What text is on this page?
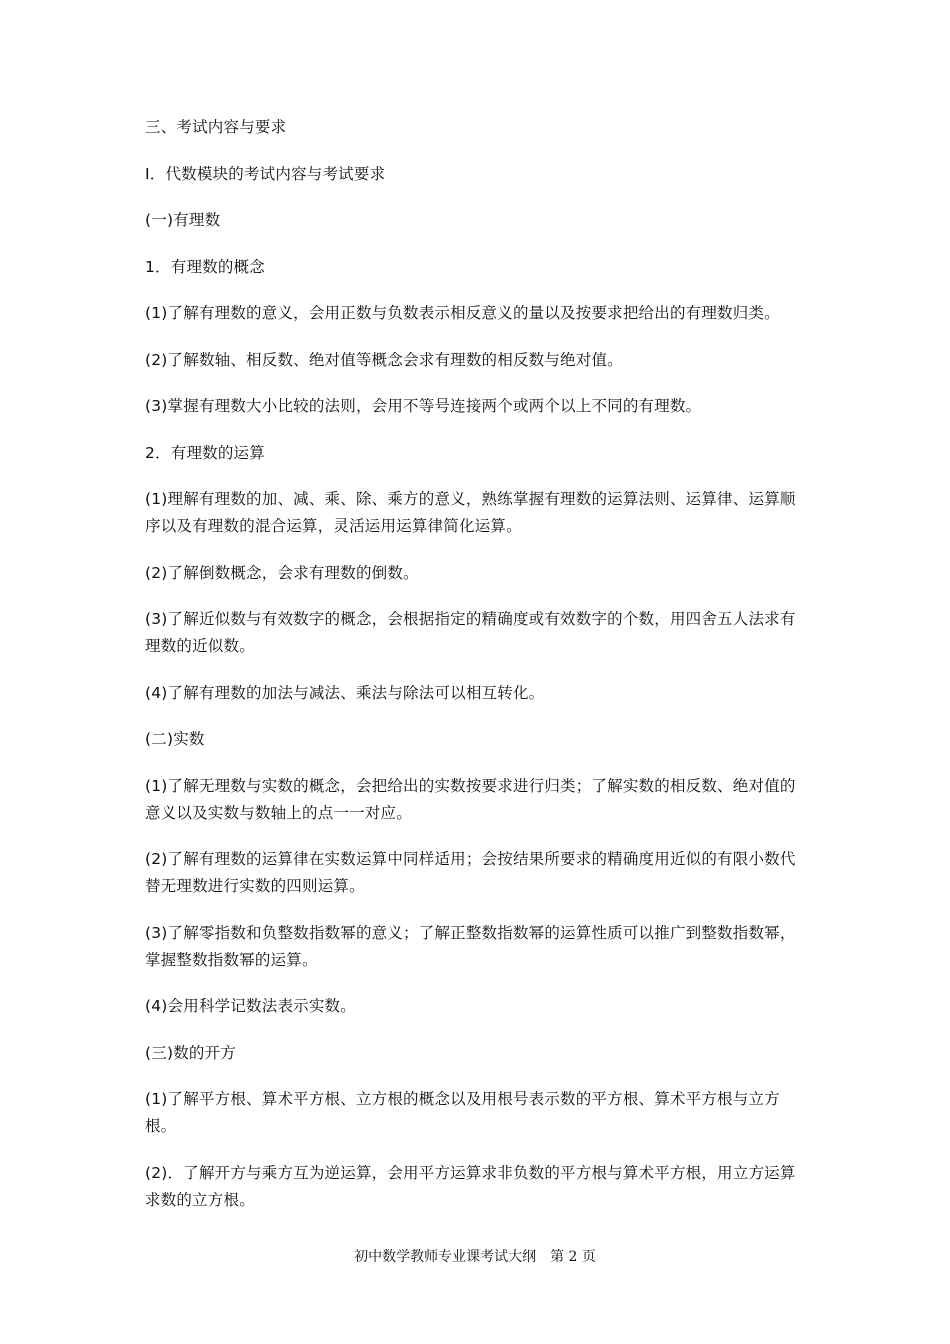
三、考试内容与要求

Ⅰ．代数模块的考试内容与考试要求

(一)有理数

1．有理数的概念

(1)了解有理数的意义，会用正数与负数表示相反意义的量以及按要求把给出的有理数归类。

(2)了解数轴、相反数、绝对值等概念会求有理数的相反数与绝对值。

(3)掌握有理数大小比较的法则，会用不等号连接两个或两个以上不同的有理数。

2．有理数的运算

(1)理解有理数的加、减、乘、除、乘方的意义，熟练掌握有理数的运算法则、运算律、运算顺序以及有理数的混合运算，灵活运用运算律简化运算。

(2)了解倒数概念，会求有理数的倒数。

(3)了解近似数与有效数字的概念，会根据指定的精确度或有效数字的个数，用四舍五人法求有理数的近似数。

(4)了解有理数的加法与减法、乘法与除法可以相互转化。

(二)实数

(1)了解无理数与实数的概念，会把给出的实数按要求进行归类；了解实数的相反数、绝对值的意义以及实数与数轴上的点一一对应。

(2)了解有理数的运算律在实数运算中同样适用；会按结果所要求的精确度用近似的有限小数代替无理数进行实数的四则运算。

(3)了解零指数和负整数指数幂的意义；了解正整数指数幂的运算性质可以推广到整数指数幂，掌握整数指数幂的运算。

(4)会用科学记数法表示实数。

(三)数的开方

(1)了解平方根、算术平方根、立方根的概念以及用根号表示数的平方根、算术平方根与立方根。

(2)．了解开方与乘方互为逆运算，会用平方运算求非负数的平方根与算术平方根，用立方运算求数的立方根。

初中数学教师专业课考试大纲　第 2 页
